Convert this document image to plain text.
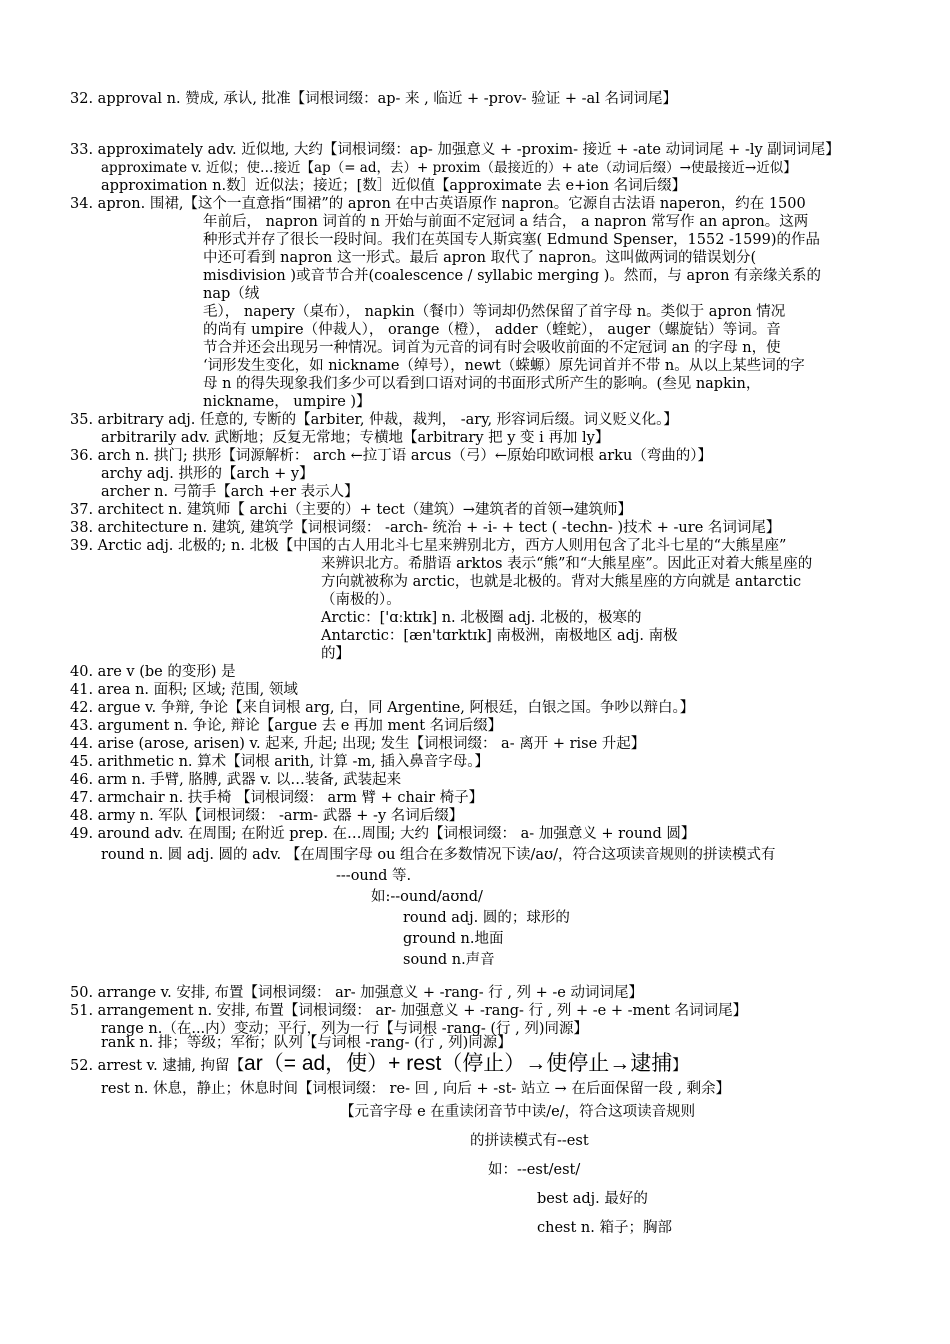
32. approval n. 赞成, 承认, 批准【词根词缀：ap- 来 , 临近 + -prov- 验证 + -al 名词词尾】
33. approximately adv. 近似地, 大约【词根词缀：ap- 加强意义 + -proxim- 接近 + -ate 动词词尾 + -ly 副词词尾】
approximate v. 近似；使…接近【ap（= ad，去）+ proxim（最接近的）+ ate（动词后缀）→使最接近→近似】
approximation n.数］近似法；接近；[数］近似值【approximate 去 e+ion 名词后缀】
34. apron. 围裙,【这个一直意指“围裙”的 apron 在中古英语原作 napron。它源自古法语 naperon，约在 1500
年前后， napron 词首的 n 开始与前面不定冠词 a 结合， a napron 常写作 an apron。这两
种形式并存了很长一段时间。我们在英国专人斯宾塞( Edmund Spenser，1552 -1599)的作品
中还可看到 napron 这一形式。最后 apron 取代了 napron。这叫做两词的错误划分(
misdivision )或音节合并(coalescence / syllabic merging )。然而，与 apron 有亲缘关系的
nap（绒
毛）， napery（桌布）， napkin（餐巾）等词却仍然保留了首字母 n。类似于 apron 情况
的尚有 umpire（仲裁人）， orange（橙）， adder（蝰蛇）， auger（螺旋钻）等词。音
节合并还会出现另一种情况。词首为元音的词有时会吸收前面的不定冠词 an 的字母 n，使
‘词形发生变化，如 nickname（绰号），newt（蝾螈）原先词首并不带 n。从以上某些词的字
母 n 的得失现象我们多少可以看到口语对词的书面形式所产生的影响。(叁见 napkin，
nickname， umpire )】
35. arbitrary adj. 任意的, 专断的【arbiter, 仲裁，裁判， -ary, 形容词后缀。词义贬义化。】
arbitrarily adv. 武断地；反复无常地；专横地【arbitrary 把 y 变 i 再加 ly】
36. arch n. 拱门; 拱形【词源解析： arch ←拉丁语 arcus（弓）←原始印欧词根 arku（弯曲的）】
archy adj. 拱形的【arch + y】
archer n. 弓箭手【arch +er 表示人】
37. architect n. 建筑师【 archi（主要的）+ tect（建筑）→建筑者的首领→建筑师】
38. architecture n. 建筑, 建筑学【词根词缀： -arch- 统治 + -i- + tect ( -techn- )技术 + -ure 名词词尾】
39. Arctic adj. 北极的; n. 北极【中国的古人用北斗七星来辨别北方，西方人则用包含了北斗七星的“大熊星座”
来辨识北方。希腊语 arktos 表示“熊”和“大熊星座”。因此正对着大熊星座的
方向就被称为 arctic，也就是北极的。背对大熊星座的方向就是 antarctic
（南极的）。
Arctic：['ɑːktɪk] n. 北极圈 adj. 北极的，极寒的
Antarctic：[æn'tɑrktɪk] 南极洲，南极地区 adj. 南极
的】
40. are v (be 的变形) 是
41. area n. 面积; 区域; 范围, 领域
42. argue v. 争辩, 争论【来自词根 arg, 白，同 Argentine, 阿根廷，白银之国。争吵以辩白。】
43. argument n. 争论, 辩论【argue 去 e 再加 ment 名词后缀】
44. arise (arose, arisen) v. 起来, 升起; 出现; 发生【词根词缀： a- 离开 + rise 升起】
45. arithmetic n. 算术【词根 arith, 计算 -m, 插入鼻音字母。】
46. arm n. 手臂, 胳膊, 武器 v. 以…装备, 武装起来
47. armchair n. 扶手椅 【词根词缀： arm 臂 + chair 椅子】
48. army n. 军队【词根词缀： -arm- 武器 + -y 名词后缀】
49. around adv. 在周围; 在附近 prep. 在…周围; 大约【词根词缀： a- 加强意义 + round 圆】
round n. 圆 adj. 圆的 adv. 【在周围字母 ou 组合在多数情况下读/aʊ/，符合这项读音规则的拼读模式有
---ound 等.
如:--ound/aʊnd/
round adj. 圆的；球形的
ground n.地面
sound n.声音
50. arrange v. 安排, 布置【词根词缀： ar- 加强意义 + -rang- 行 , 列 + -e 动词词尾】
51. arrangement n. 安排, 布置【词根词缀： ar- 加强意义 + -rang- 行 , 列 + -e + -ment 名词词尾】
range n.（在...内）变动；平行，列为一行【与词根 -rang- (行 , 列)同源】
rank n. 排；等级；军衔；队列【与词根 -rang- (行 , 列)同源】
52. arrest v. 逮捕, 拘留【ar（= ad，使）+ rest（停止）→使停止→逮捕】
rest n. 休息，静止；休息时间【词根词缀： re- 回 , 向后 + -st- 站立 → 在后面保留一段 , 剩余】
【元音字母 e 在重读闭音节中读/e/，符合这项读音规则
的拼读模式有--est
如：--est/est/
best adj. 最好的
chest n. 箱子；胸部
